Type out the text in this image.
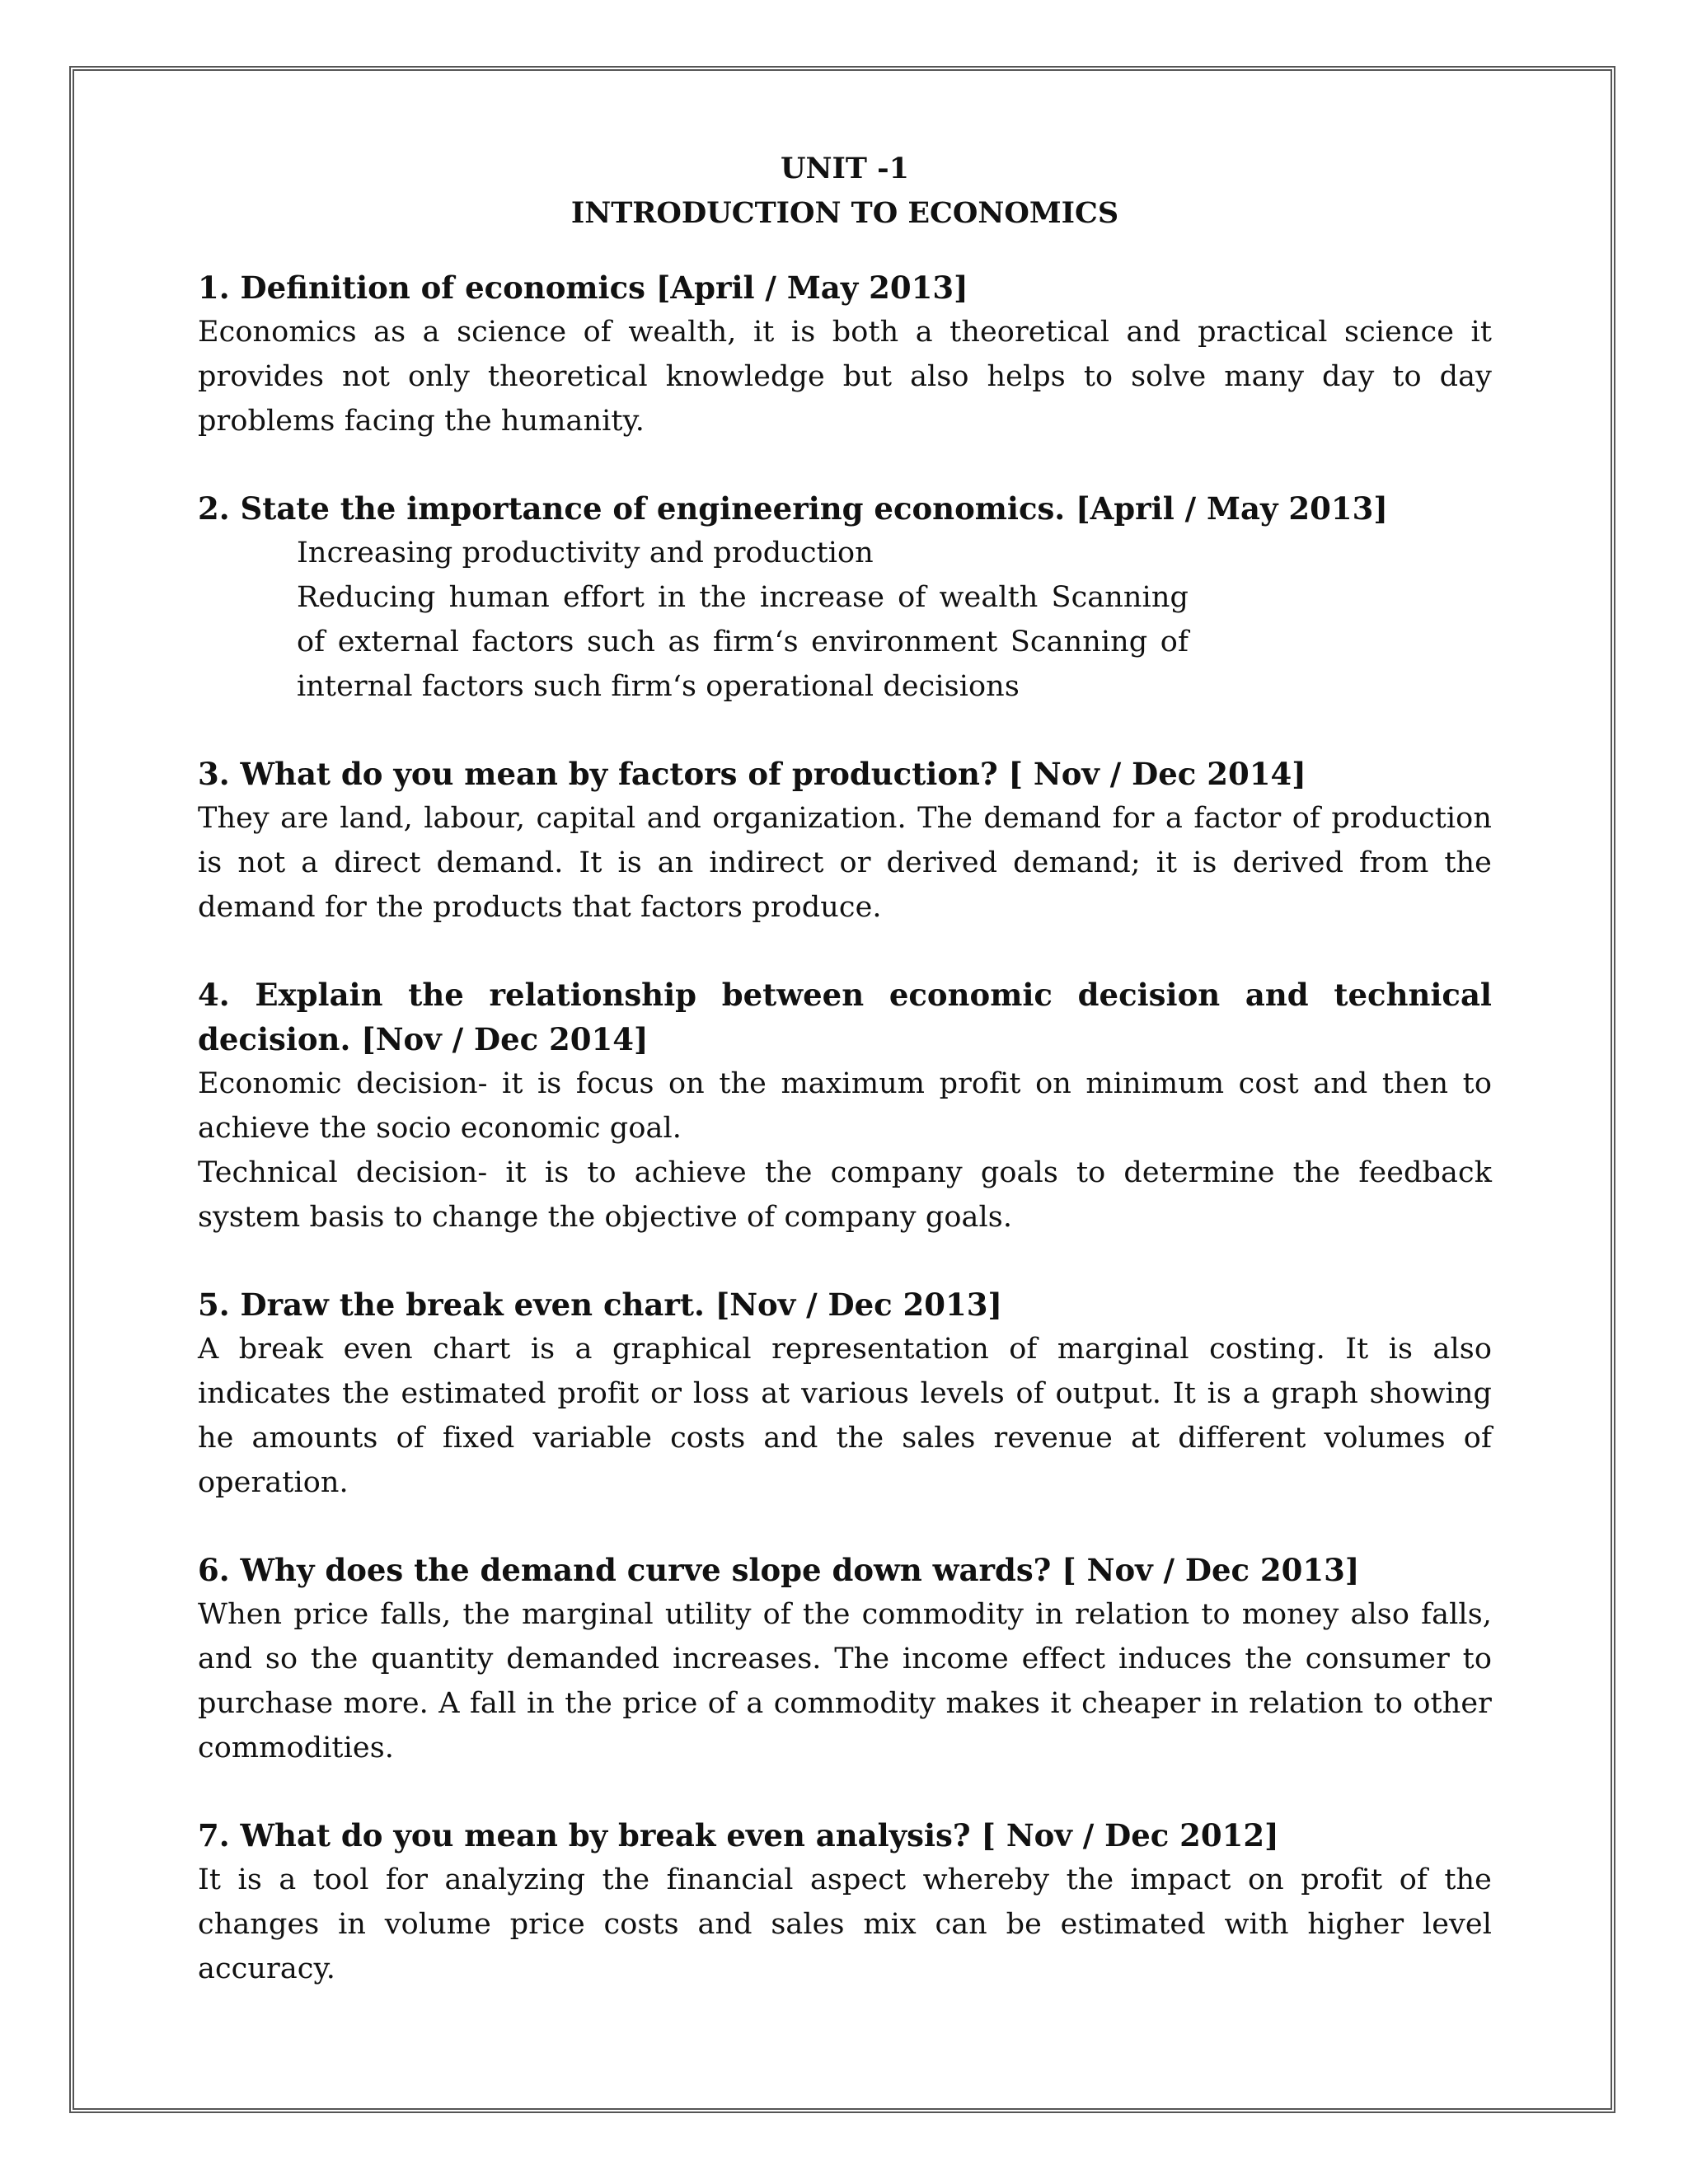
UNIT -1

INTRODUCTION TO ECONOMICS

1. Definition of economics [April / May 2013]

Economics as a science of wealth, it is both a theoretical and practical science it provides not only theoretical knowledge but also helps to solve many day to day problems facing the humanity.

2. State the importance of engineering economics. [April / May 2013]

Increasing productivity and production

Reducing human effort in the increase of wealth Scanning of external factors such as firm‘s environment Scanning of internal factors such firm‘s operational decisions

3. What do you mean by factors of production? [ Nov / Dec 2014]

They are land, labour, capital and organization. The demand for a factor of production is not a direct demand. It is an indirect or derived demand; it is derived from the demand for the products that factors produce.

4. Explain the relationship between economic decision and technical decision. [Nov / Dec 2014]

Economic decision- it is focus on the maximum profit on minimum cost and then to achieve the socio economic goal.

Technical decision- it is to achieve the company goals to determine the feedback system basis to change the objective of company goals.

5. Draw the break even chart. [Nov / Dec 2013]

A break even chart is a graphical representation of marginal costing. It is also indicates the estimated profit or loss at various levels of output. It is a graph showing he amounts of fixed variable costs and the sales revenue at different volumes of operation.

6. Why does the demand curve slope down wards? [ Nov / Dec 2013]

When price falls, the marginal utility of the commodity in relation to money also falls, and so the quantity demanded increases. The income effect induces the consumer to purchase more. A fall in the price of a commodity makes it cheaper in relation to other commodities.

7. What do you mean by break even analysis? [ Nov / Dec 2012]

It is a tool for analyzing the financial aspect whereby the impact on profit of the changes in volume price costs and sales mix can be estimated with higher level accuracy.
